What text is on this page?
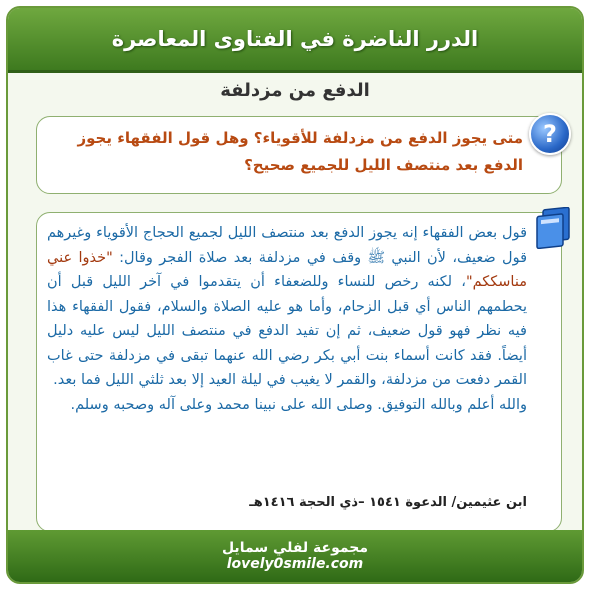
الدرر الناضرة في الفتاوى المعاصرة
الدفع من مزدلفة
?
متى يجوز الدفع من مزدلفة للأقوياء؟ وهل قول الفقهاء يجوز الدفع بعد منتصف الليل للجميع صحيح؟

قول بعض الفقهاء إنه يجوز الدفع بعد منتصف الليل لجميع الحجاج الأقوياء وغيرهم قول ضعيف، لأن النبي ﷺ وقف في مزدلفة بعد صلاة الفجر وقال: "خذوا عني مناسككم"، لكنه رخص للنساء وللضعفاء أن يتقدموا في آخر الليل قبل أن يحطمهم الناس أي قبل الزحام، وأما هو عليه الصلاة والسلام، فقول الفقهاء هذا فيه نظر فهو قول ضعيف، ثم إن تفيد الدفع في منتصف الليل ليس عليه دليل أيضاً. فقد كانت أسماء بنت أبي بكر رضي الله عنهما تبقى في مزدلفة حتى غاب القمر دفعت من مزدلفة، والقمر لا يغيب في ليلة العيد إلا بعد ثلثي الليل فما بعد.

والله أعلم وبالله التوفيق. وصلى الله على نبينا محمد وعلى آله وصحبه وسلم.

ابن عثيمين/ الدعوة ١٥٤١ –ذي الحجة ١٤١٦هـ
مجموعة لفلي سمايل
lovely0smile.com
